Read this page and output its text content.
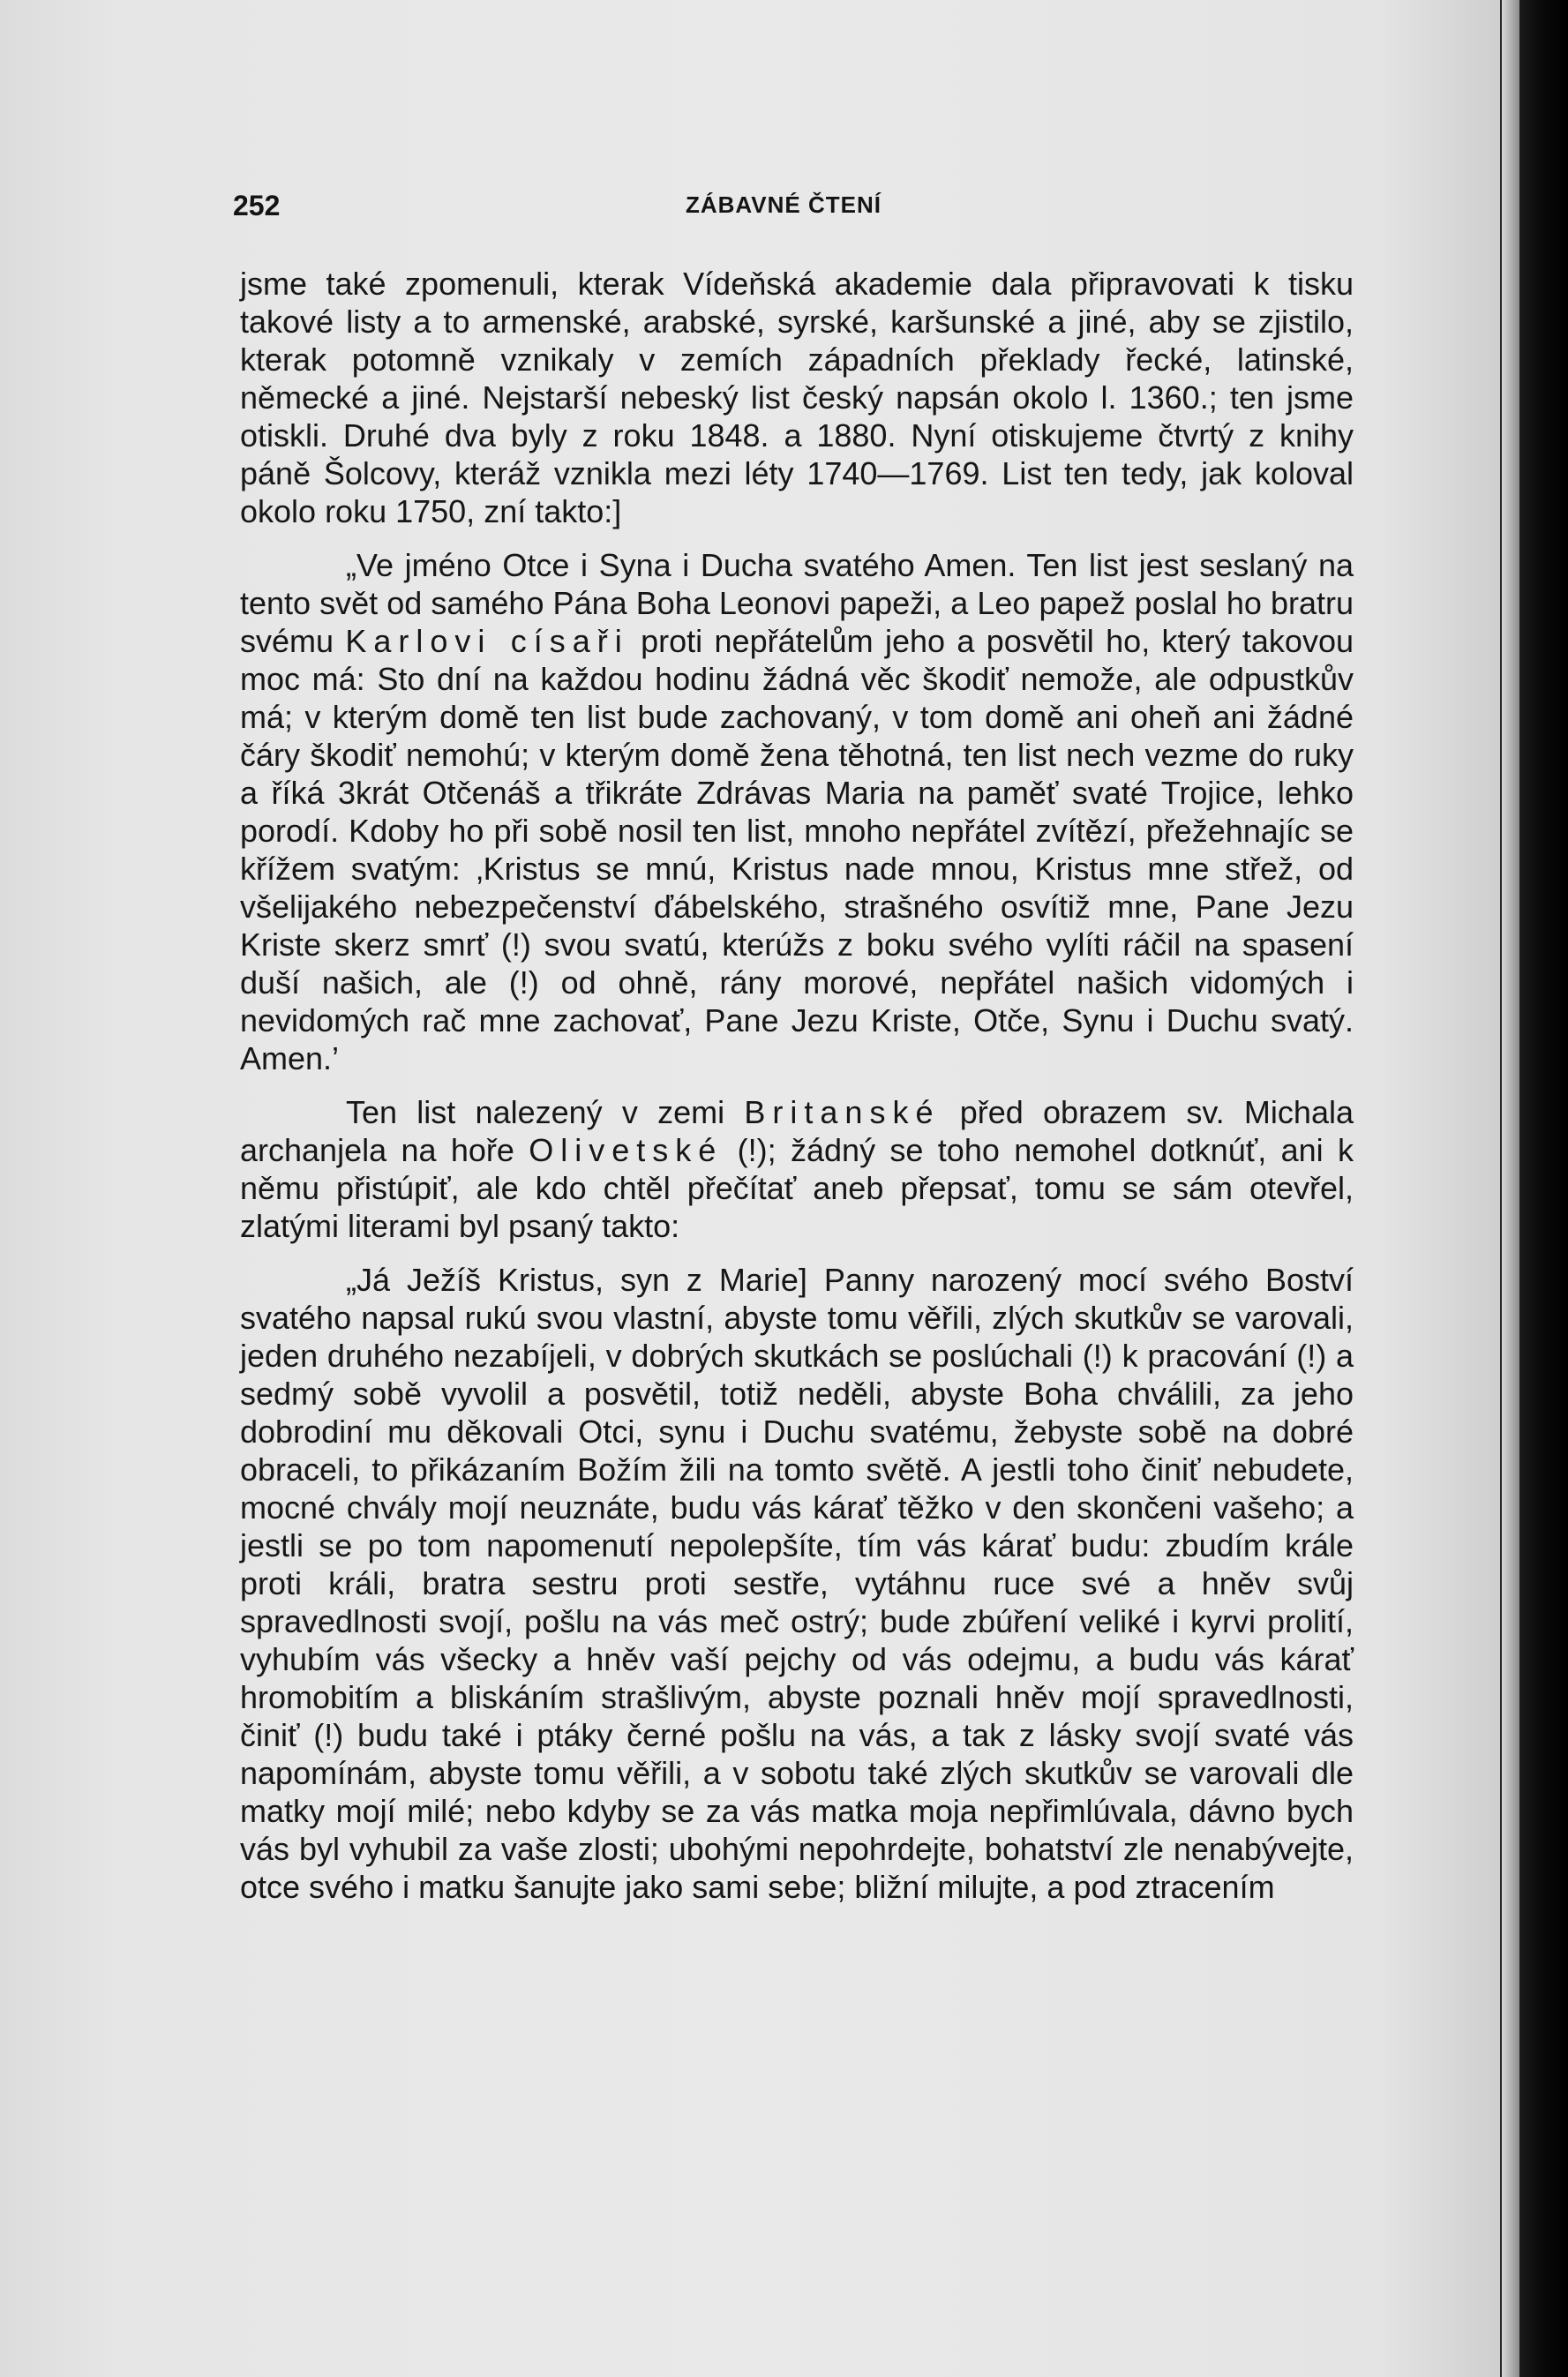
252	ZÁBAVNÉ ČTENÍ

jsme také zpomenuli, kterak Vídeňská akademie dala připravovati k tisku takové listy a to armenské, arabské, syrské, karšunské a jiné, aby se zjistilo, kterak potomně vznikaly v zemích západních překlady řecké, latinské, německé a jiné. Nejstarší nebeský list český napsán okolo l. 1360.; ten jsme otiskli. Druhé dva byly z roku 1848. a 1880. Nyní otiskujeme čtvrtý z knihy páně Šolcovy, kteráž vznikla mezi léty 1740—1769. List ten tedy, jak koloval okolo roku 1750, zní takto:]

„Ve jméno Otce i Syna i Ducha svatého Amen. Ten list jest seslaný na tento svět od samého Pána Boha Leonovi papeži, a Leo papež poslal ho bratru svému Karlovi císaři proti nepřátelům jeho a posvětil ho, který takovou moc má: Sto dní na každou hodinu žádná věc škodiť nemože, ale odpustkův má; v kterým domě ten list bude zachovaný, v tom domě ani oheň ani žádné čáry škodiť nemohú; v kterým domě žena těhotná, ten list nech vezme do ruky a říká 3krát Otčenáš a třikráte Zdrávas Maria na paměť svaté Trojice, lehko porodí. Kdoby ho při sobě nosil ten list, mnoho nepřátel zvítězí, přežehnajíc se křížem svatým: ‚Kristus se mnú, Kristus nade mnou, Kristus mne střež, od všelijakého nebezpečenství ďábelského, strašného osvítiž mne, Pane Jezu Kriste skerz smrť (!) svou svatú, kterúžs z boku svého vylíti ráčil na spasení duší našich, ale (!) od ohně, rány morové, nepřátel našich vidomých i nevidomých rač mne zachovať, Pane Jezu Kriste, Otče, Synu i Duchu svatý. Amen.’

Ten list nalezený v zemi Britanské před obrazem sv. Michala archanjela na hoře Olivetské (!); žádný se toho nemohel dotknúť, ani k němu přistúpiť, ale kdo chtěl přečítať aneb přepsať, tomu se sám otevřel, zlatými literami byl psaný takto:

„Já Ježíš Kristus, syn z Marie] Panny narozený mocí svého Boství svatého napsal rukú svou vlastní, abyste tomu věřili, zlých skutkův se varovali, jeden druhého nezabíjeli, v dobrých skutkách se poslúchali (!) k pracování (!) a sedmý sobě vyvolil a posvětil, totiž neděli, abyste Boha chválili, za jeho dobrodiní mu děkovali Otci, synu i Duchu svatému, žebyste sobě na dobré obraceli, to přikázaním Božím žili na tomto světě. A jestli toho činiť nebudete, mocné chvály mojí neuznáte, budu vás kárať těžko v den skončeni vašeho; a jestli se po tom napomenutí nepolepšíte, tím vás kárať budu: zbudím krále proti králi, bratra sestru proti sestře, vytáhnu ruce své a hněv svůj spravedlnosti svojí, pošlu na vás meč ostrý; bude zbúření veliké i kyrvi prolití, vyhubím vás všecky a hněv vaší pejchy od vás odejmu, a budu vás kárať hromobitím a bliskáním strašlivým, abyste poznali hněv mojí spravedlnosti, činiť (!) budu také i ptáky černé pošlu na vás, a tak z lásky svojí svaté vás napomínám, abyste tomu věřili, a v sobotu také zlých skutkův se varovali dle matky mojí milé; nebo kdyby se za vás matka moja nepřimlúvala, dávno bych vás byl vyhubil za vaše zlosti; ubohými nepohrdejte, bohatství zle nenabývejte, otce svého i matku šanujte jako sami sebe; bližní milujte, a pod ztracením
